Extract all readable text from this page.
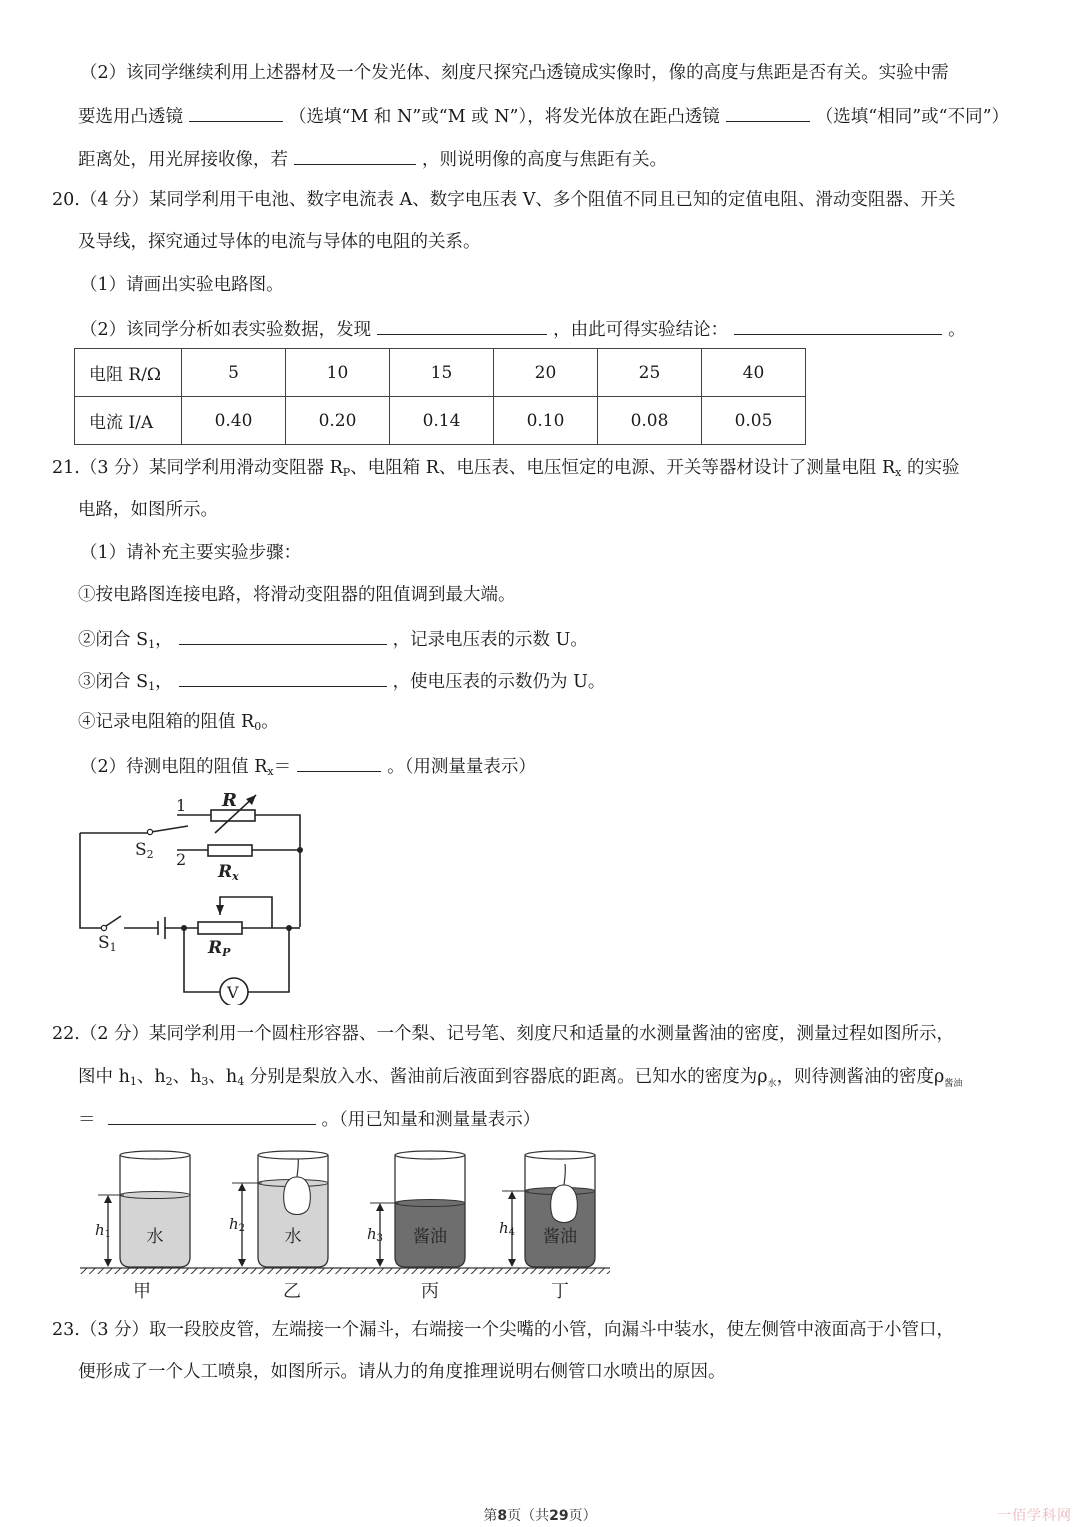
（2）该同学继续利用上述器材及一个发光体、刻度尺探究凸透镜成实像时，像的高度与焦距是否有关。实验中需
要选用凸透镜	（选填“M 和 N”或“M 或 N”），将发光体放在距凸透镜	（选填“相同”或“不同”）
距离处，用光屏接收像，若	，则说明像的高度与焦距有关。
20.（4 分）某同学利用干电池、数字电流表 A、数字电压表 V、多个阻值不同且已知的定值电阻、滑动变阻器、开关
及导线，探究通过导体的电流与导体的电阻的关系。
（1）请画出实验电路图。
（2）该同学分析如表实验数据，发现	，由此可得实验结论：	。
电阻 R/Ω	5	10	15	20	25	40
电流 I/A	0.40	0.20	0.14	0.10	0.08	0.05
21.（3 分）某同学利用滑动变阻器 $R_P$、电阻箱 R、电压表、电压恒定的电源、开关等器材设计了测量电阻 $R_x$ 的实验
电路，如图所示。
（1）请补充主要实验步骤：
①按电路图连接电路，将滑动变阻器的阻值调到最大端。
②闭合 $S_1$，	，记录电压表的示数 U。
③闭合 $S_1$，	，使电压表的示数仍为 U。
④记录电阻箱的阻值 $R_0$。
（2）待测电阻的阻值 $R_x=$	。（用测量量表示）
1
2
R
Rx
S2
S1	RP
V
22.（2 分）某同学利用一个圆柱形容器、一个梨、记号笔、刻度尺和适量的水测量酱油的密度，测量过程如图所示，
图中 $h_1$、$h_2$、$h_3$、$h_4$ 分别是梨放入水、酱油前后液面到容器底的距离。已知水的密度为$\rho_水$，则待测酱油的密度$\rho_{酱油}$
＝	。（用已知量和测量量表示）
h1 水
h2 水	h3 酱油	h4 酱油
甲	乙	丙	丁
23.（3 分）取一段胶皮管，左端接一个漏斗，右端接一个尖嘴的小管，向漏斗中装水，使左侧管中液面高于小管口，
便形成了一个人工喷泉，如图所示。请从力的角度推理说明右侧管口水喷出的原因。
第8页（共29页）	一佰学科网
